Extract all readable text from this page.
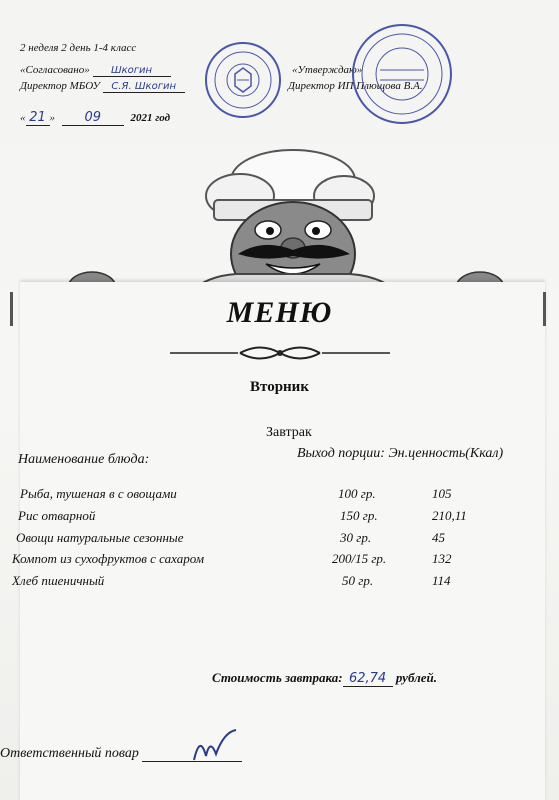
2 неделя 2 день 1-4 класс
«Согласовано» Шкогин
Директор МБОУ С.Я. Шкогин
« 21 » 09	2021 год
«Утверждаю»
Директор ИП Плющова В.А.
МЕНЮ
Вторник
Завтрак
Наименование блюда:	Выход порции: Эн.ценность(Ккал)
Рыба, тушеная в с овощами	100 гр.	105
Рис отварной	150 гр.	210,11
Овощи натуральные сезонные	30 гр.	45
Компот из сухофруктов с сахаром	200/15 гр.	132
Хлеб пшеничный	50 гр.	114
Стоимость завтрака: 62,74 рублей.
Ответственный повар
